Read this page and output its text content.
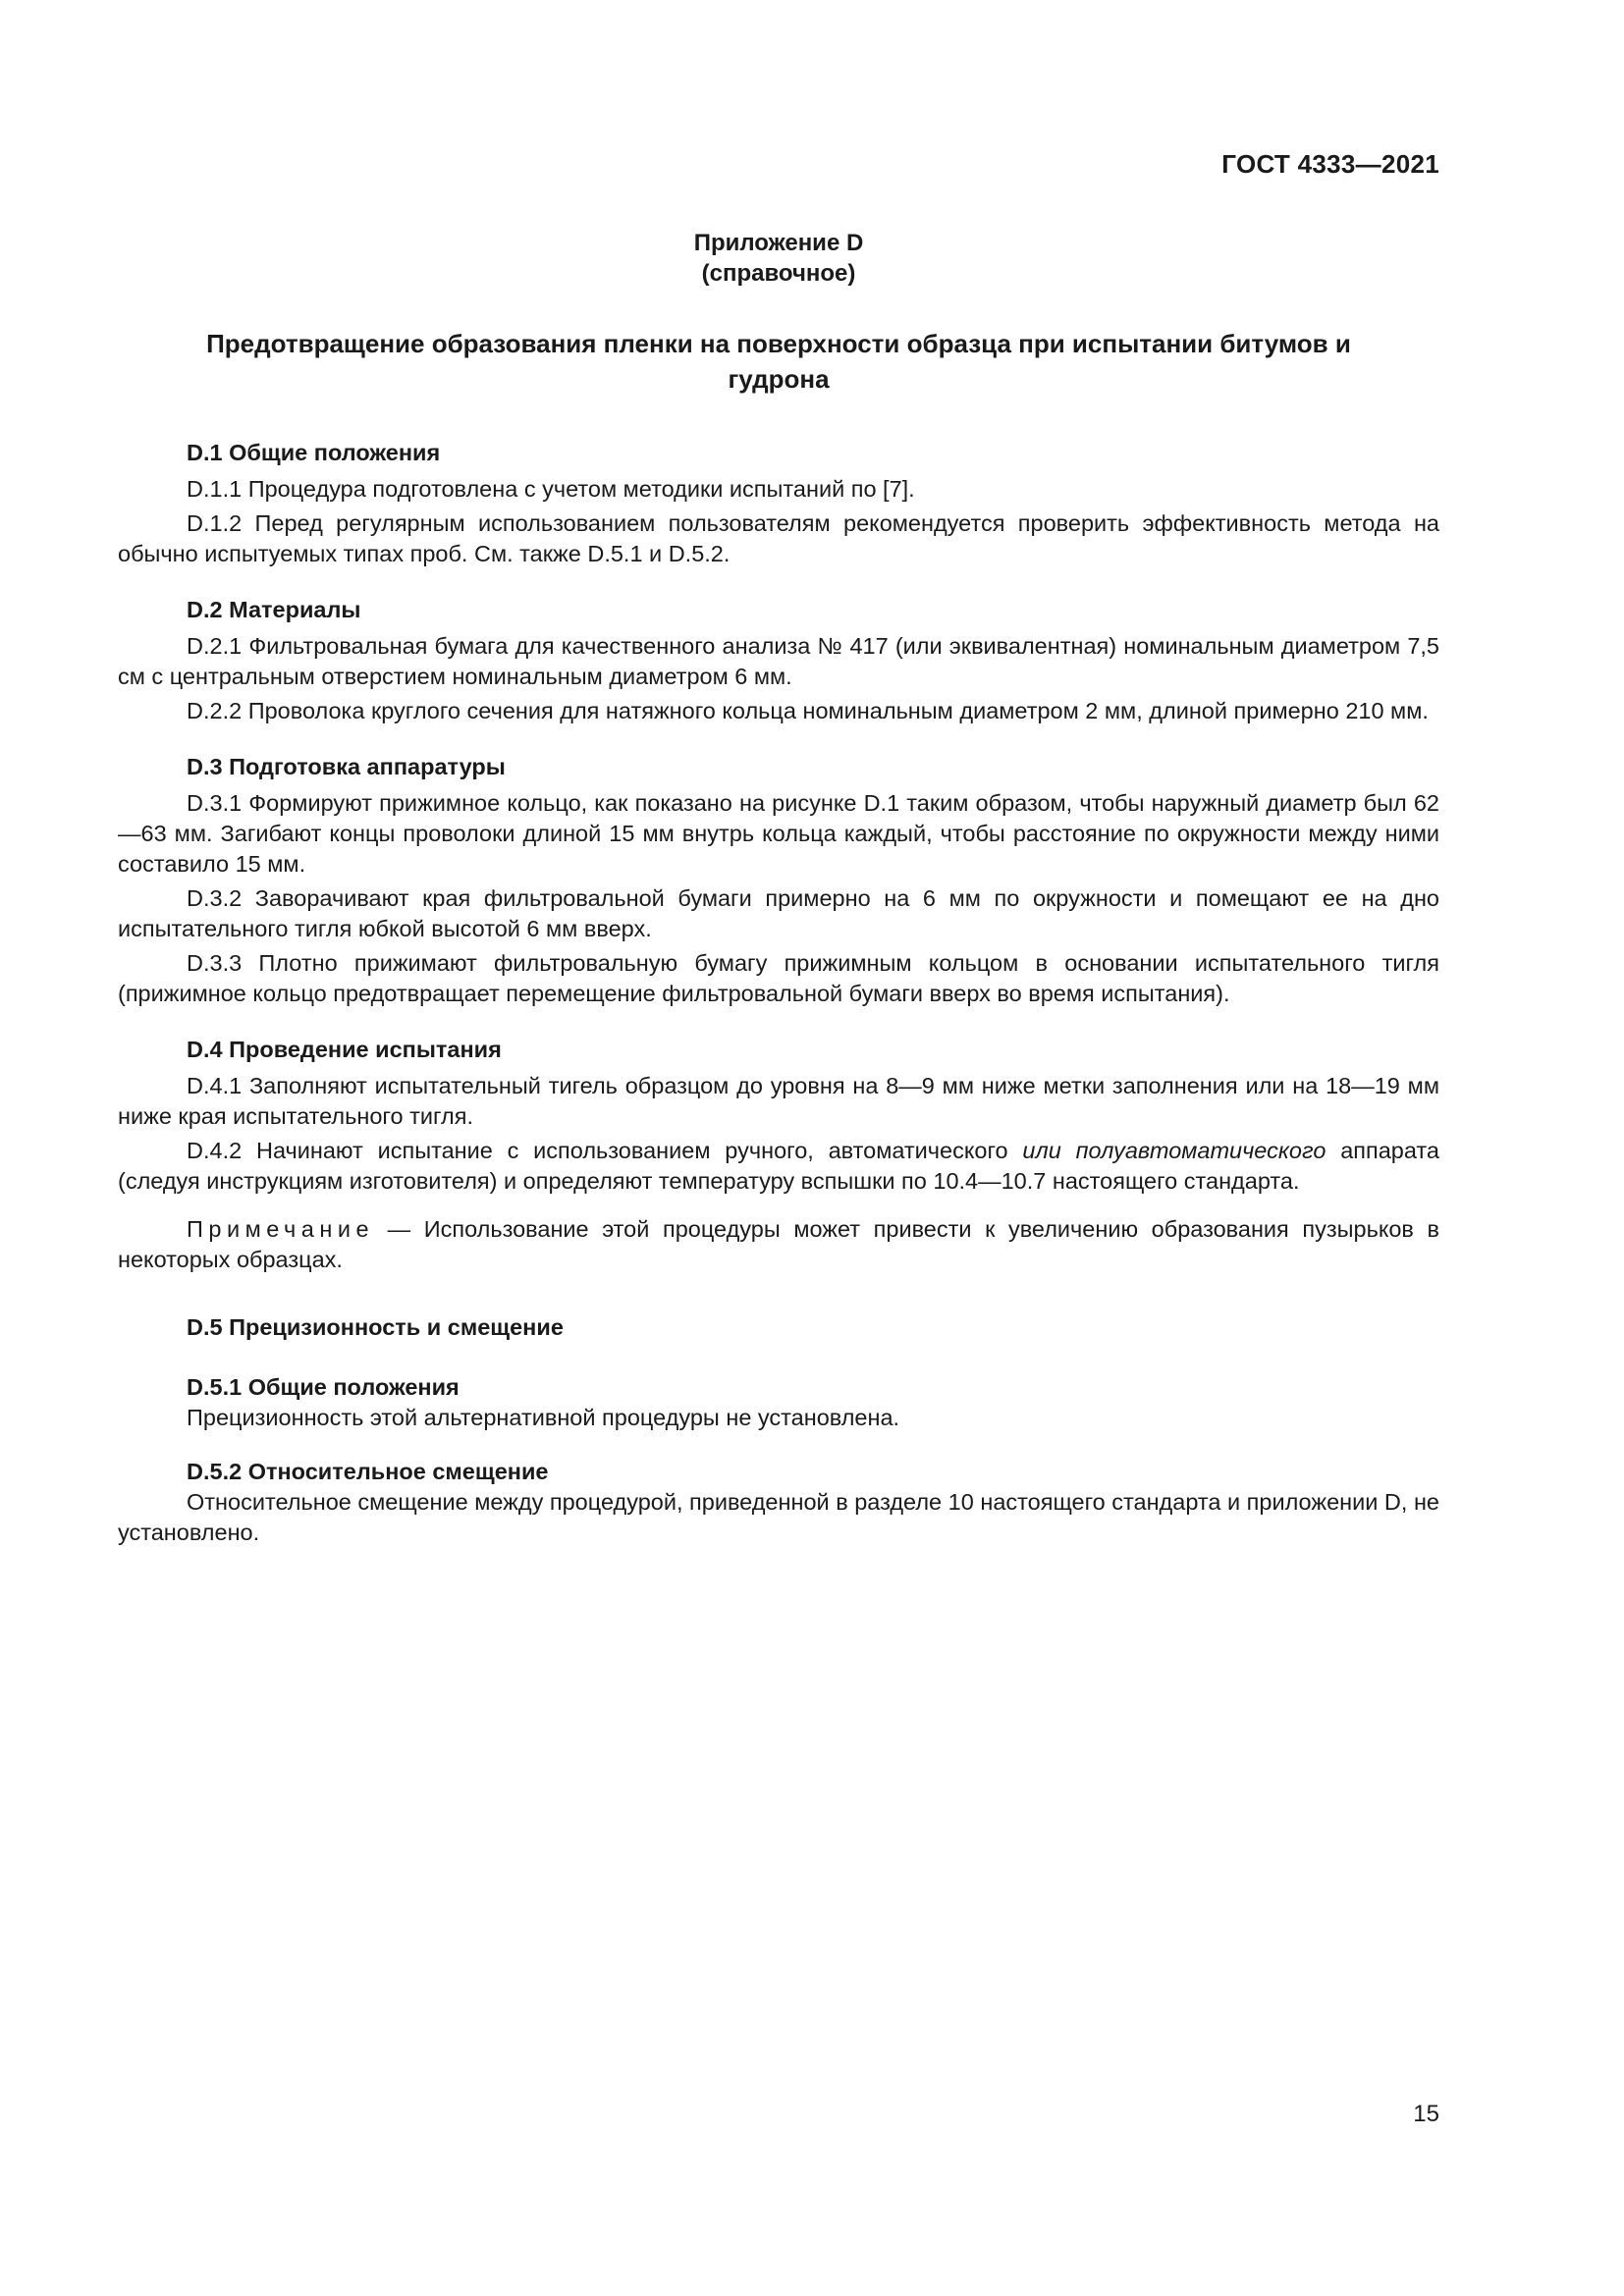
ГОСТ 4333—2021
Приложение D
(справочное)
Предотвращение образования пленки на поверхности образца при испытании битумов и гудрона
D.1 Общие положения

D.1.1 Процедура подготовлена с учетом методики испытаний по [7].

D.1.2 Перед регулярным использованием пользователям рекомендуется проверить эффективность метода на обычно испытуемых типах проб. См. также D.5.1 и D.5.2.

D.2 Материалы

D.2.1 Фильтровальная бумага для качественного анализа № 417 (или эквивалентная) номинальным диаметром 7,5 см с центральным отверстием номинальным диаметром 6 мм.

D.2.2 Проволока круглого сечения для натяжного кольца номинальным диаметром 2 мм, длиной примерно 210 мм.

D.3 Подготовка аппаратуры

D.3.1 Формируют прижимное кольцо, как показано на рисунке D.1 таким образом, чтобы наружный диаметр был 62—63 мм. Загибают концы проволоки длиной 15 мм внутрь кольца каждый, чтобы расстояние по окружности между ними составило 15 мм.

D.3.2 Заворачивают края фильтровальной бумаги примерно на 6 мм по окружности и помещают ее на дно испытательного тигля юбкой высотой 6 мм вверх.

D.3.3 Плотно прижимают фильтровальную бумагу прижимным кольцом в основании испытательного тигля (прижимное кольцо предотвращает перемещение фильтровальной бумаги вверх во время испытания).

D.4 Проведение испытания

D.4.1 Заполняют испытательный тигель образцом до уровня на 8—9 мм ниже метки заполнения или на 18—19 мм ниже края испытательного тигля.

D.4.2 Начинают испытание с использованием ручного, автоматического или полуавтоматического аппарата (следуя инструкциям изготовителя) и определяют температуру вспышки по 10.4—10.7 настоящего стандарта.

Примечание — Использование этой процедуры может привести к увеличению образования пузырьков в некоторых образцах.

D.5 Прецизионность и смещение
D.5.1 Общие положения

Прецизионность этой альтернативной процедуры не установлена.

D.5.2 Относительное смещение

Относительное смещение между процедурой, приведенной в разделе 10 настоящего стандарта и приложении D, не установлено.

15
